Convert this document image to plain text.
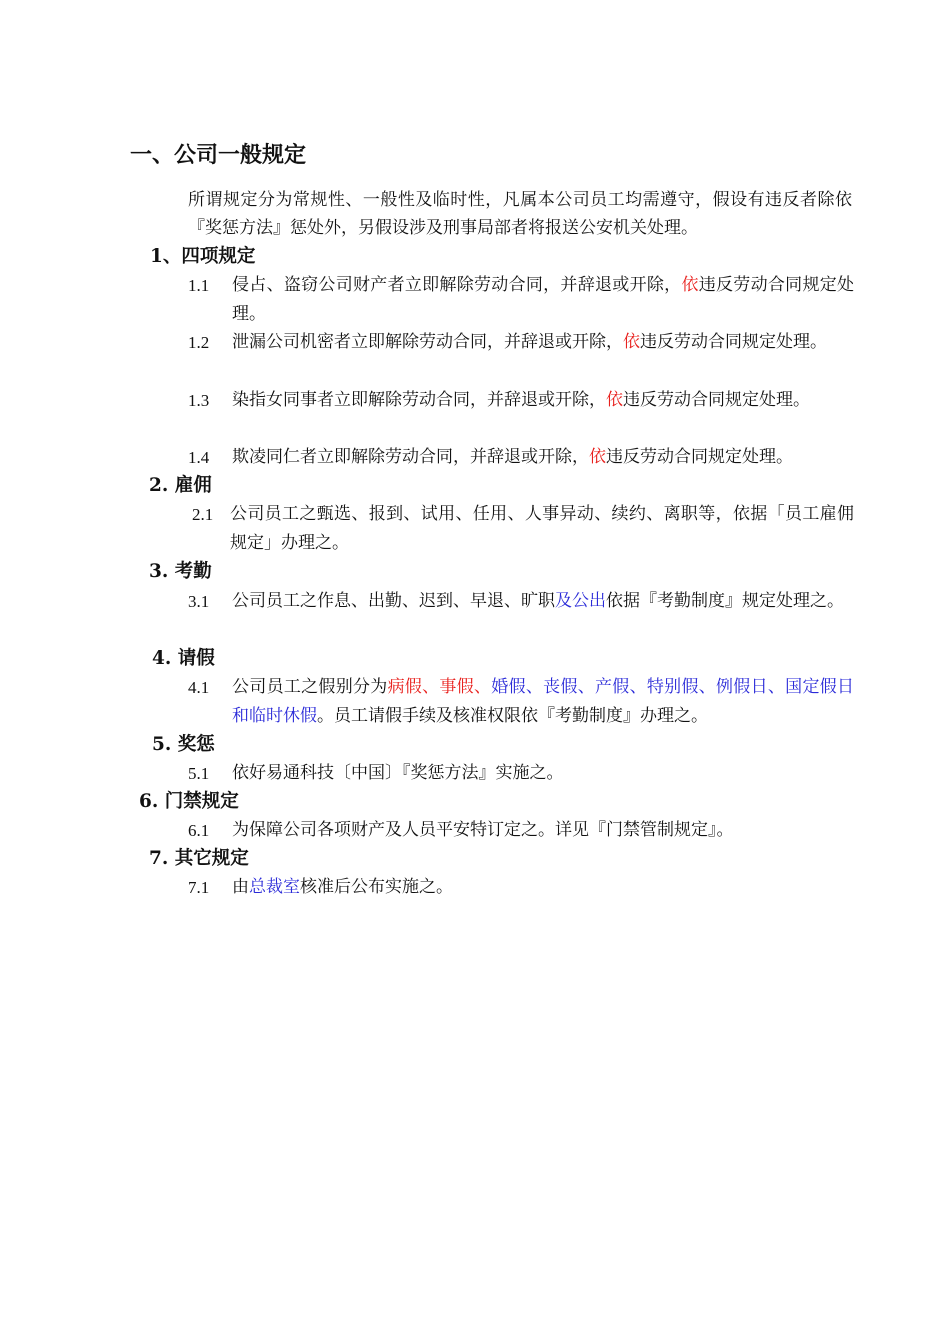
一、公司一般规定
所谓规定分为常规性、一般性及临时性，凡属本公司员工均需遵守，假设有违反者除依『奖惩方法』惩处外，另假设涉及刑事局部者将报送公安机关处理。
1、四项规定
1.1	侵占、盗窃公司财产者立即解除劳动合同，并辞退或开除，依违反劳动合同规定处理。
1.2	泄漏公司机密者立即解除劳动合同，并辞退或开除，依违反劳动合同规定处理。
1.3	染指女同事者立即解除劳动合同，并辞退或开除，依违反劳动合同规定处理。
1.4	欺凌同仁者立即解除劳动合同，并辞退或开除，依违反劳动合同规定处理。
2. 雇佣
2.1 公司员工之甄选、报到、试用、任用、人事异动、续约、离职等，依据「员工雇佣规定」办理之。
3. 考勤
3.1	公司员工之作息、出勤、迟到、早退、旷职及公出依据『考勤制度』规定处理之。
4. 请假
4.1	公司员工之假别分为病假、事假、婚假、丧假、产假、特别假、例假日、国定假日和临时休假。员工请假手续及核准权限依『考勤制度』办理之。
5. 奖惩
5.1	依好易通科技〔中国〕『奖惩方法』实施之。
6. 门禁规定
6.1	为保障公司各项财产及人员平安特订定之。详见『门禁管制规定』。
7. 其它规定
7.1	由总裁室核准后公布实施之。
